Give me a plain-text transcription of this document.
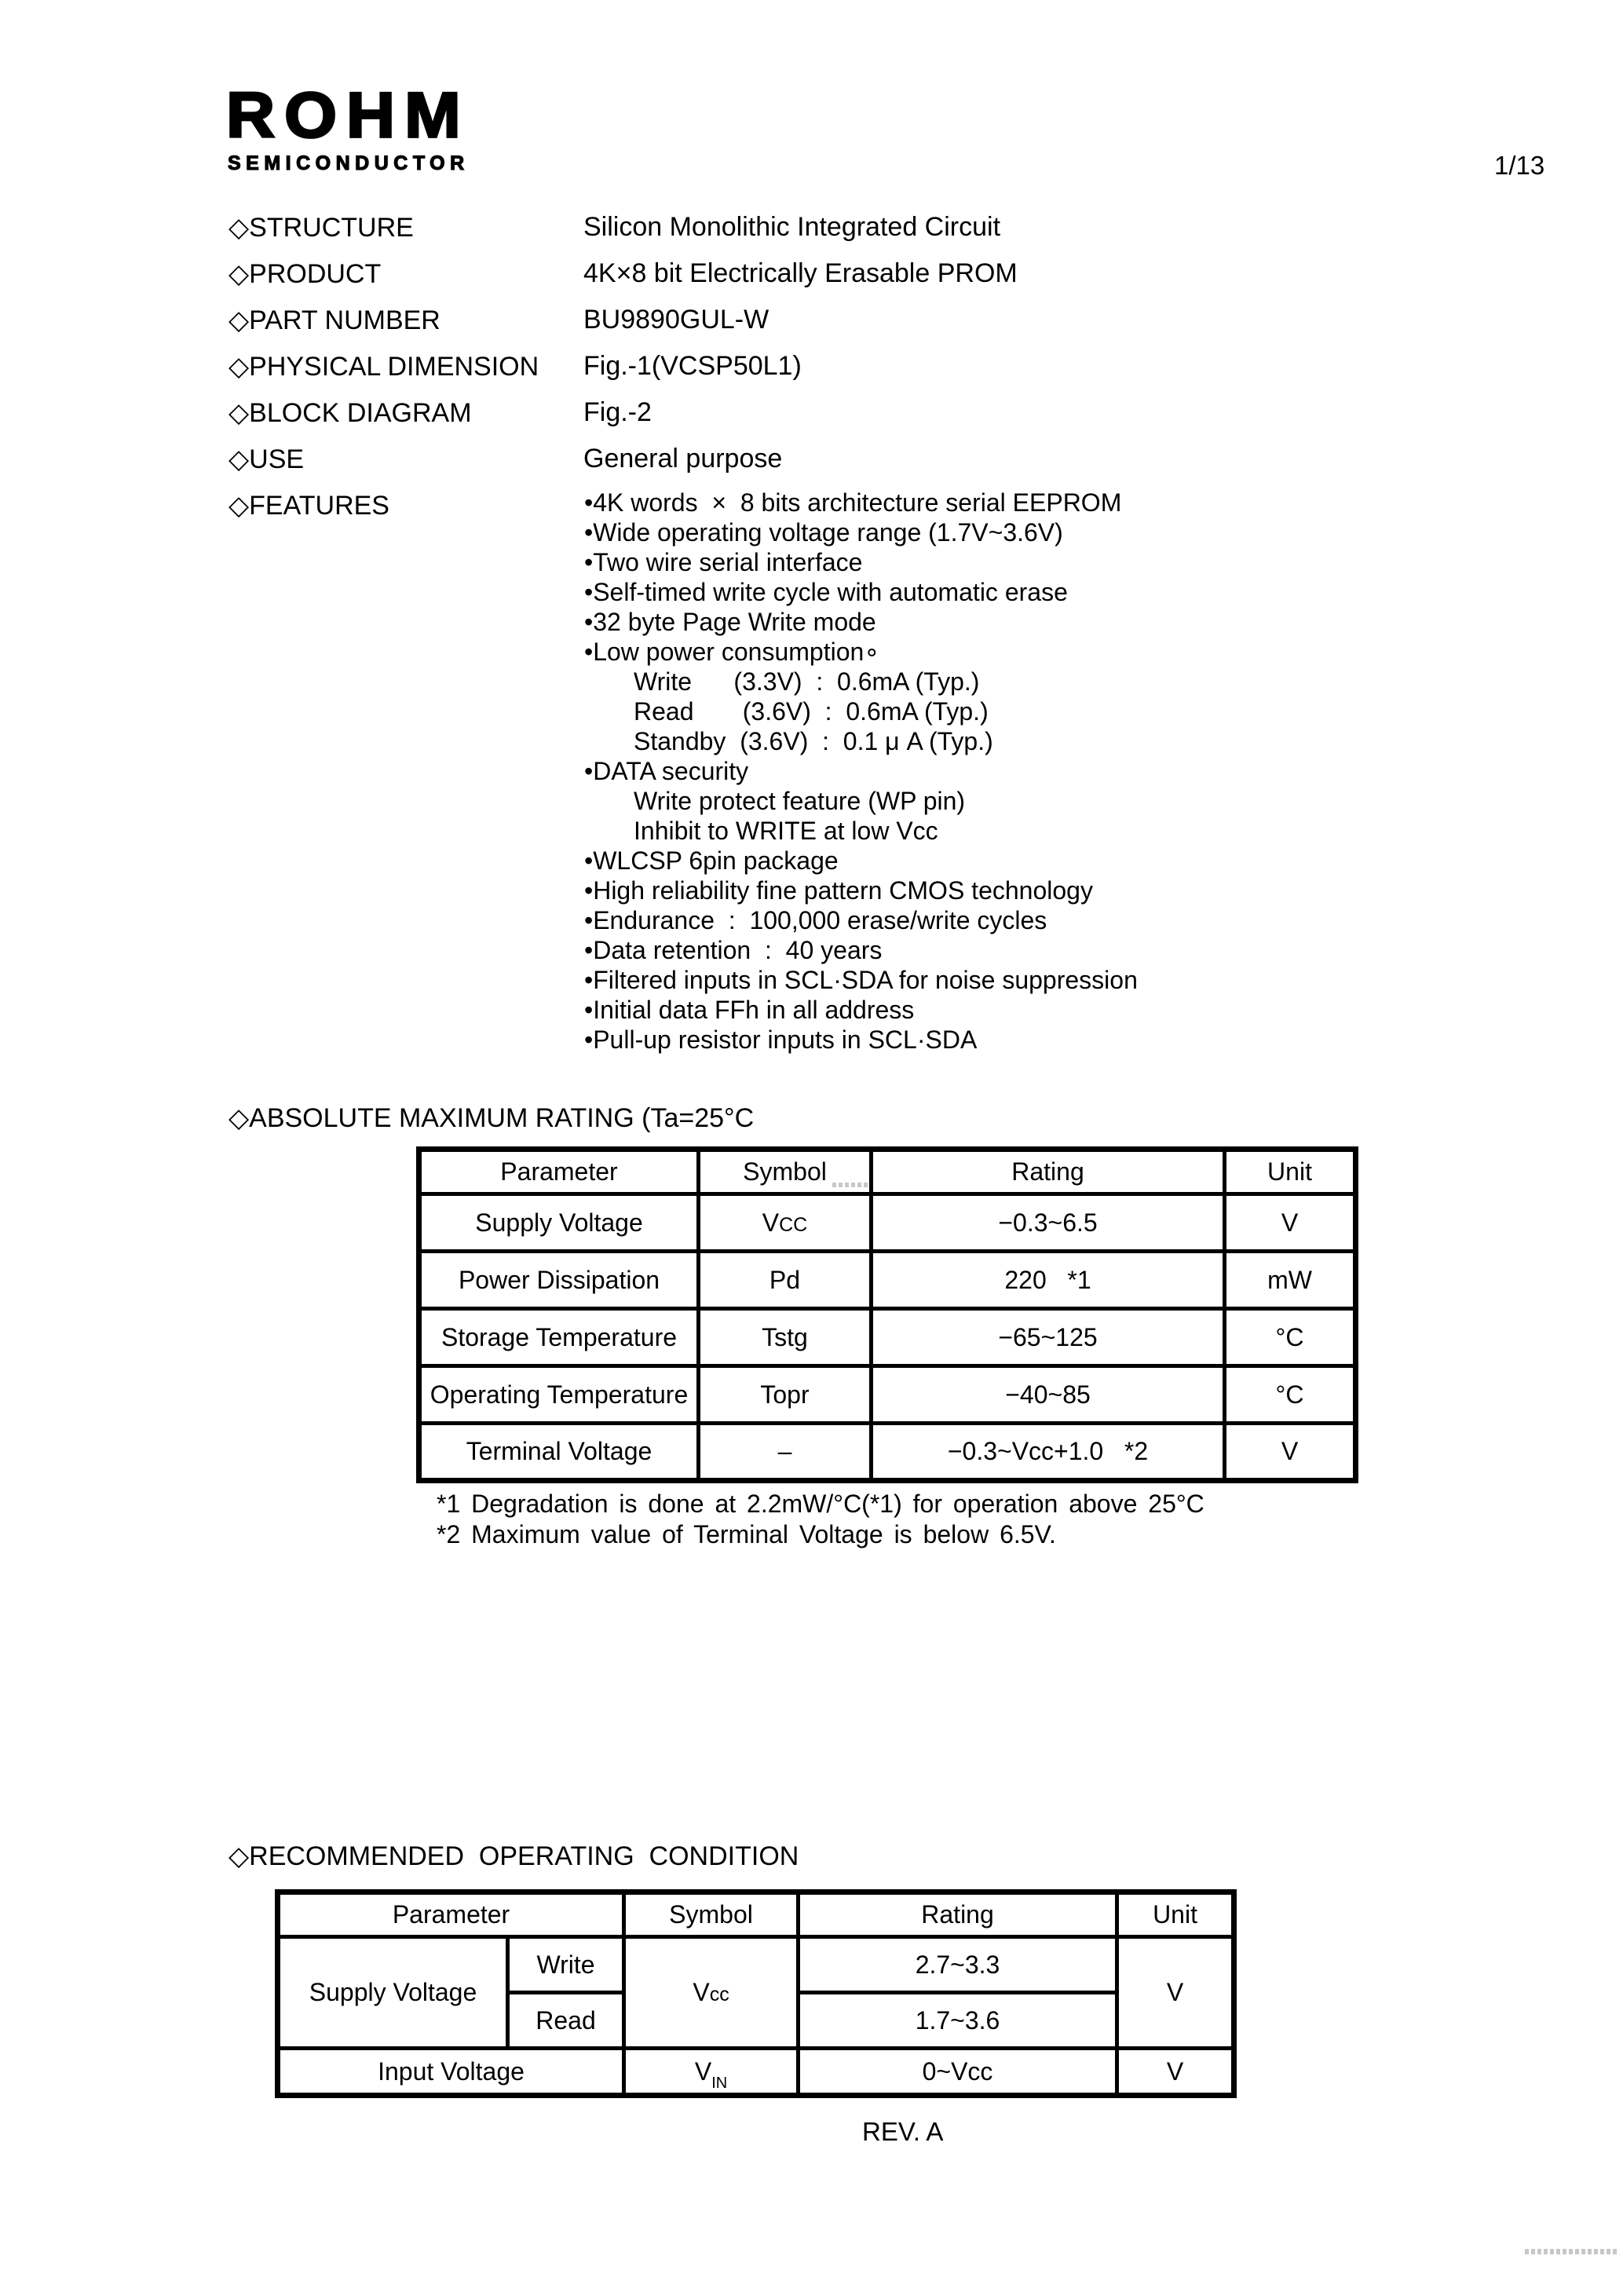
ROHM
SEMICONDUCTOR	1/13
◇STRUCTURE	Silicon Monolithic Integrated Circuit
◇PRODUCT	4K×8 bit Electrically Erasable PROM
◇PART NUMBER	BU9890GUL-W
◇PHYSICAL DIMENSION	Fig.-1(VCSP50L1)
◇BLOCK DIAGRAM	Fig.-2
◇USE	General purpose
◇FEATURES	•4K words  ×  8 bits architecture serial EEPROM
•Wide operating voltage range (1.7V~3.6V)
•Two wire serial interface
•Self-timed write cycle with automatic erase
•32 byte Page Write mode
•Low power consumption∘
Write      (3.3V)  :  0.6mA (Typ.)
Read       (3.6V)  :  0.6mA (Typ.)
Standby  (3.6V)  :  0.1 μ A (Typ.)
•DATA security
Write protect feature (WP pin)
Inhibit to WRITE at low Vcc
•WLCSP 6pin package
•High reliability fine pattern CMOS technology
•Endurance  :  100,000 erase/write cycles
•Data retention  :  40 years
•Filtered inputs in SCL·SDA for noise suppression
•Initial data FFh in all address
•Pull-up resistor inputs in SCL·SDA
◇ABSOLUTE MAXIMUM RATING (Ta=25°C
Parameter	Symbol	Rating	Unit
Supply Voltage	VCC	−0.3~6.5	V
Power Dissipation	Pd	220   *1	mW
Storage Temperature	Tstg	−65~125	°C
Operating Temperature	Topr	−40~85	°C
Terminal Voltage	–	−0.3~Vcc+1.0   *2	V
*1 Degradation is done at 2.2mW/°C(*1) for operation above 25°C
*2 Maximum value of Terminal Voltage is below 6.5V.
◇RECOMMENDED  OPERATING  CONDITION
Parameter		Symbol	Rating	Unit
Supply Voltage	Write	Vcc	2.7~3.3	V
	Read		1.7~3.6	
Input Voltage		$V_{IN}$	0~Vcc	V
REV. A
